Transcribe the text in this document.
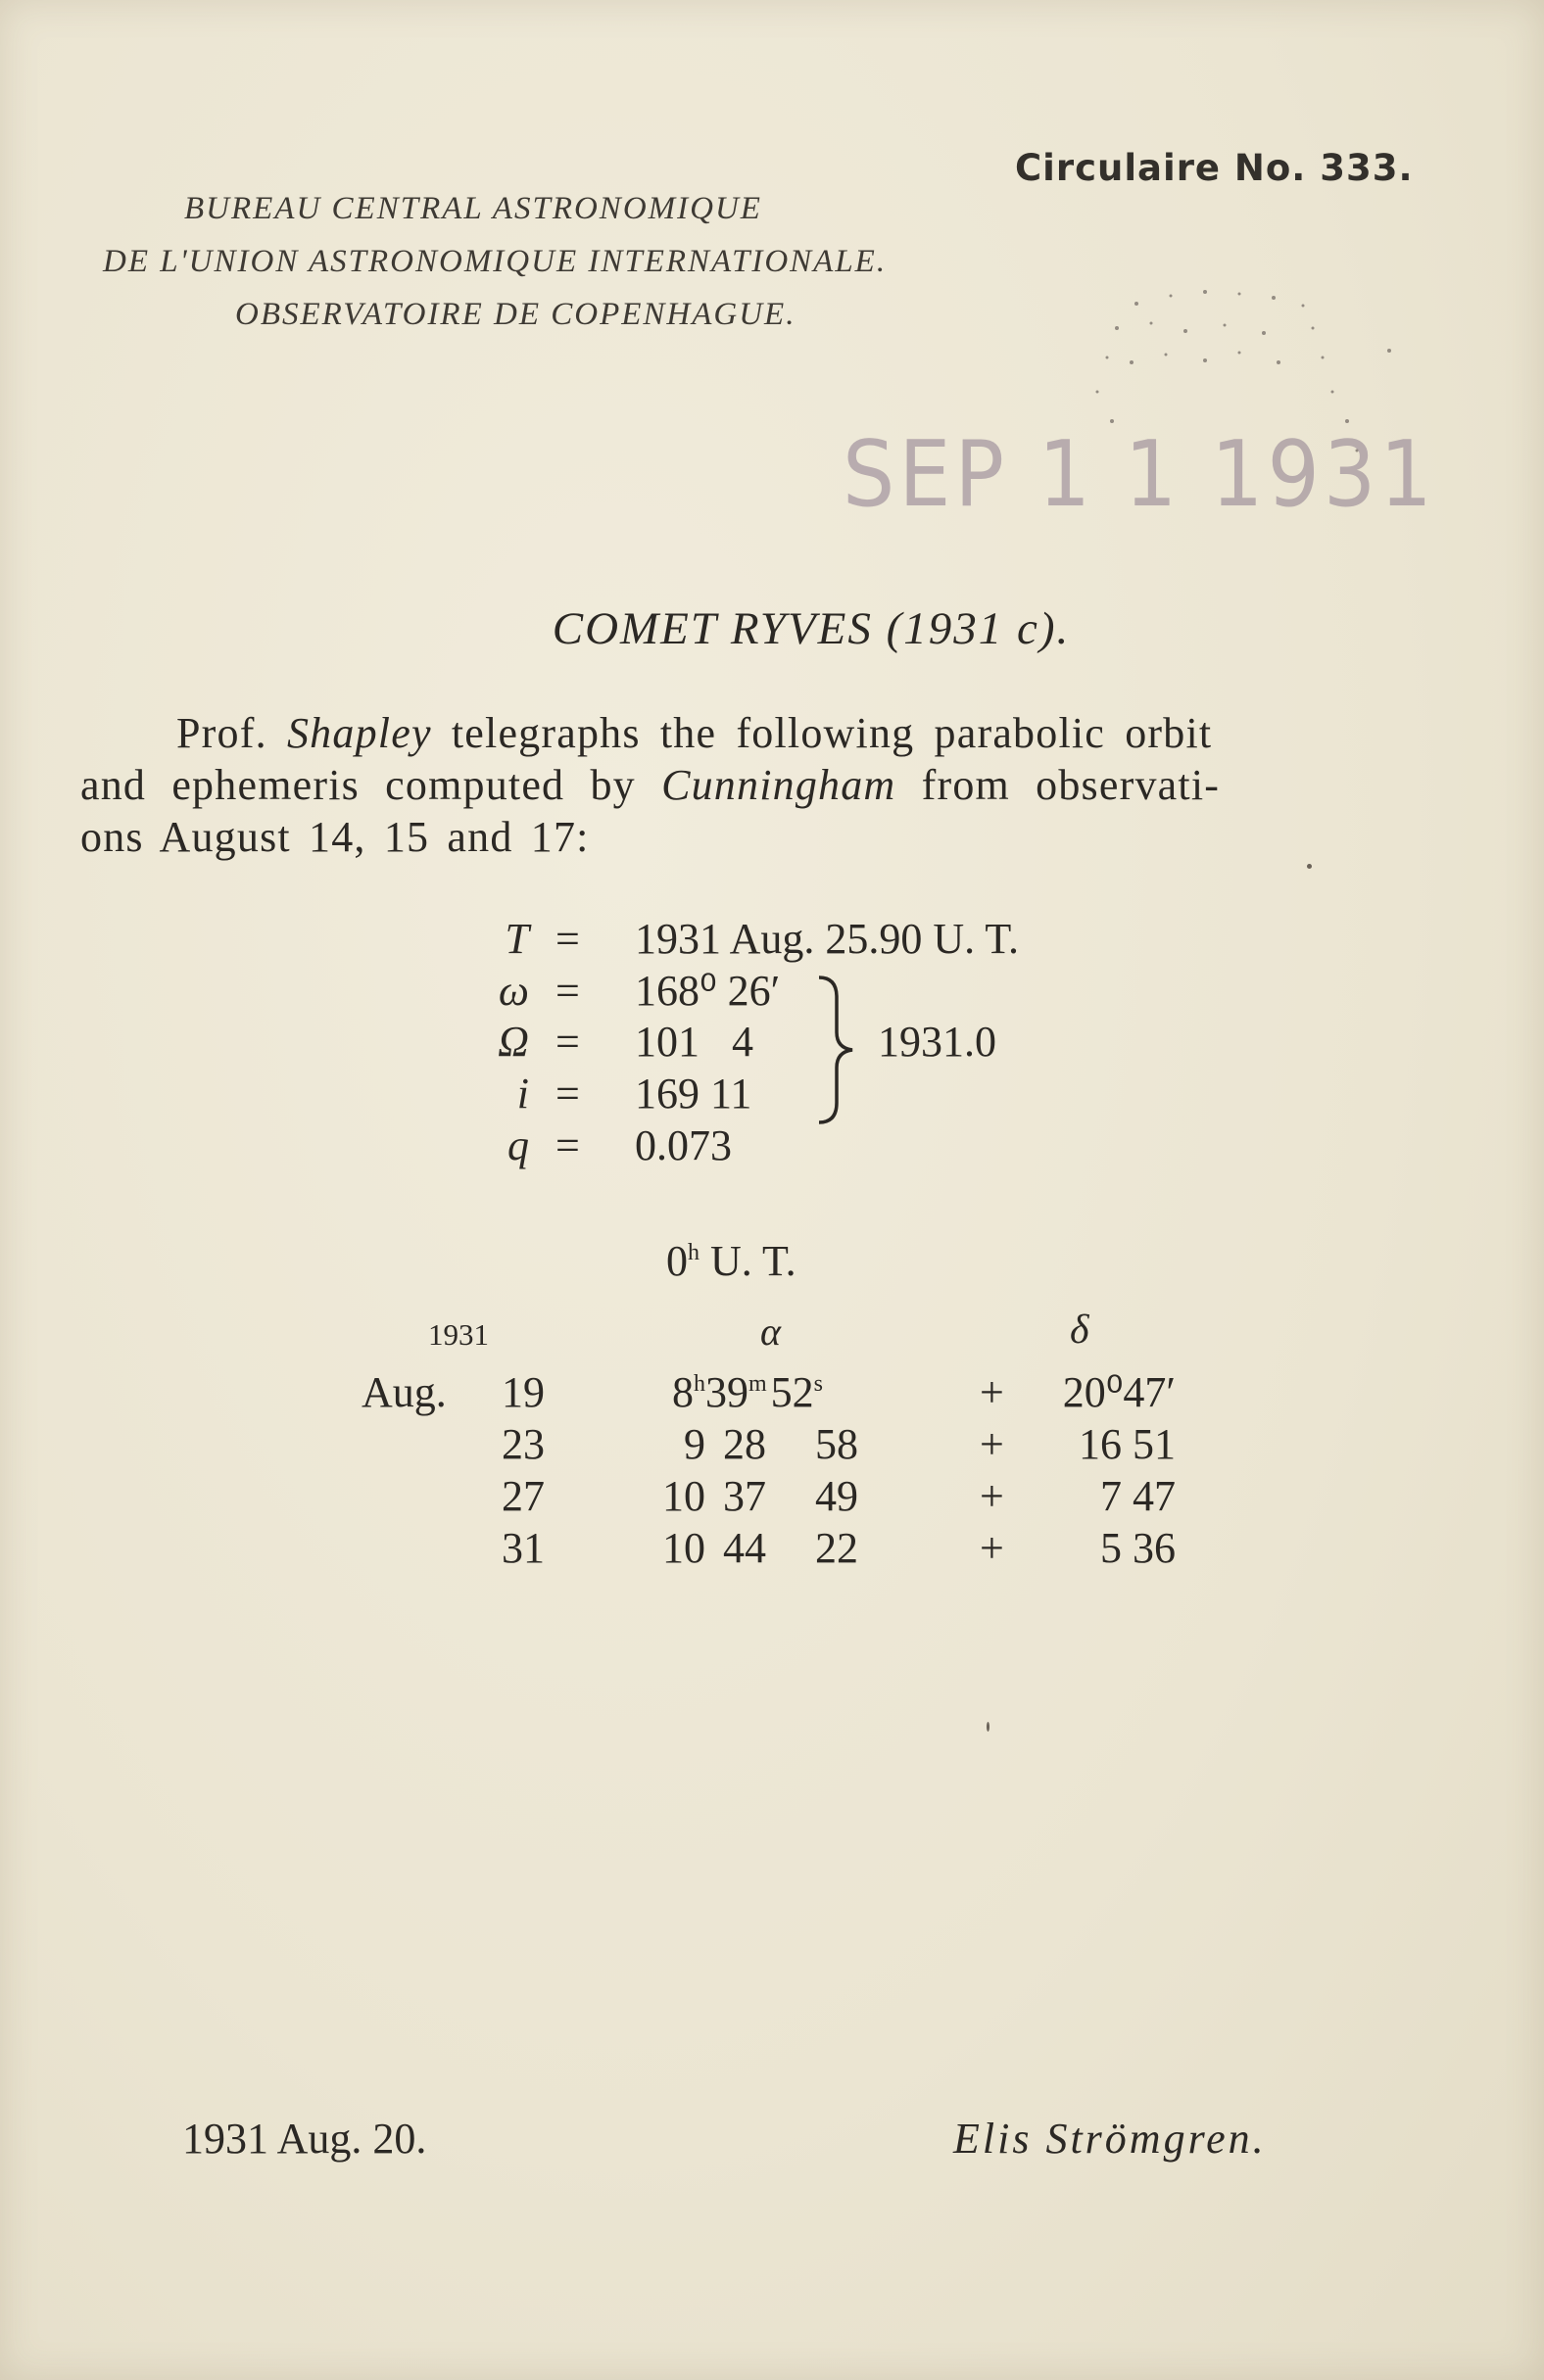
Circulaire No. 333.
BUREAU CENTRAL ASTRONOMIQUE
DE L'UNION ASTRONOMIQUE INTERNATIONALE.
OBSERVATOIRE DE COPENHAGUE.
SEP 1 1 1931
COMET RYVES (1931 c).
Prof. Shapley telegraphs the following parabolic orbit
and ephemeris computed by Cunningham from observati-
ons August 14, 15 and 17:
T = 1931 Aug. 25.90 U. T.
ω = 168⁰ 26′
Ω = 101   4
i = 169 11
q = 0.073
1931.0
0$^h$ U. T.
1931	α	δ
Aug.	19	$8^h39^m52^s$	+	20⁰47′
23	9 28 58	+	16 51
27	10 37 49	+	7 47
31	10 44 22	+	5 36
1931 Aug. 20.	Elis Strömgren.
